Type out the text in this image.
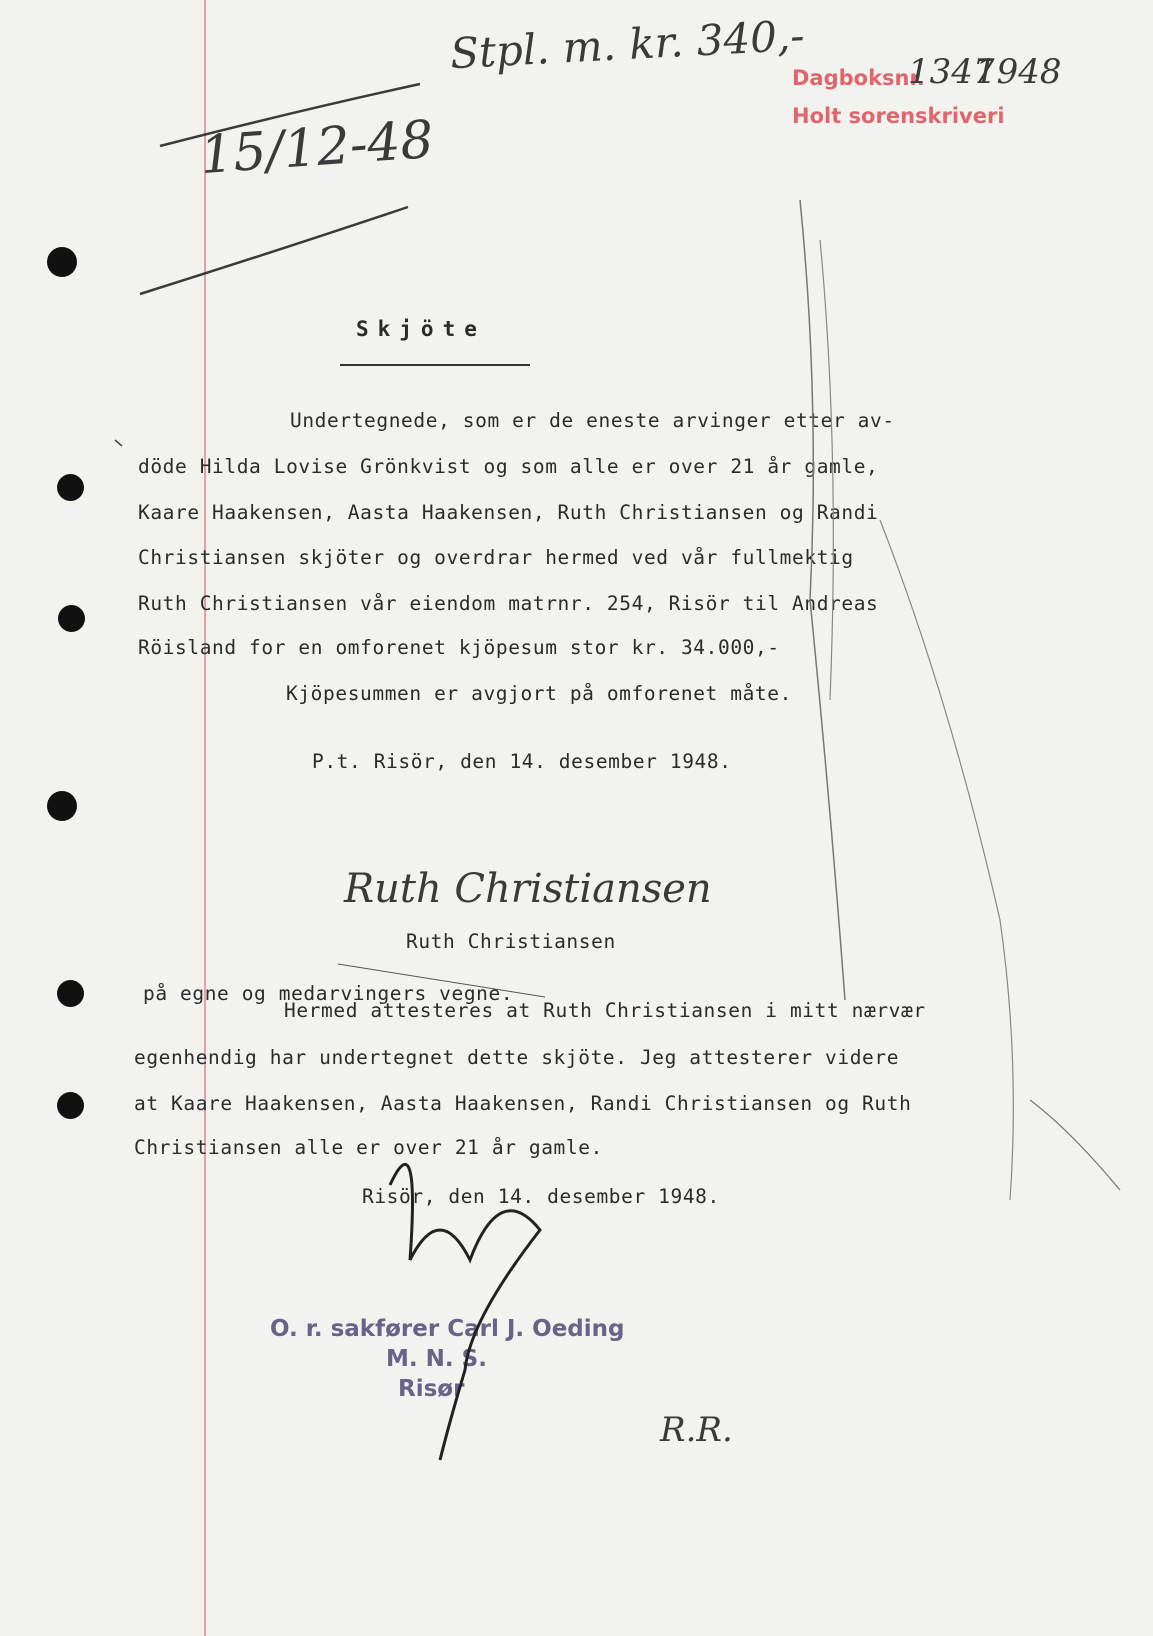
Dagboksnr.
Holt sorenskriveri
1347
1948
Stpl. m. kr. 340,-
15/12-48
Skjöte
Undertegnede, som er de eneste arvinger etter av-
döde Hilda Lovise Grönkvist og som alle er over 21 år gamle,
Kaare Haakensen, Aasta Haakensen, Ruth Christiansen og Randi
Christiansen skjöter og overdrar hermed ved vår fullmektig
Ruth Christiansen vår eiendom matrnr. 254, Risör til Andreas
Röisland for en omforenet kjöpesum stor kr. 34.000,-
Kjöpesummen er avgjort på omforenet måte.
P.t. Risör, den 14. desember 1948.
Ruth Christiansen
Ruth Christiansen
på egne og medarvingers vegne.
Hermed attesteres at Ruth Christiansen i mitt nærvær
egenhendig har undertegnet dette skjöte. Jeg attesterer videre
at Kaare Haakensen, Aasta Haakensen, Randi Christiansen og Ruth
Christiansen alle er over 21 år gamle.
Risör, den 14. desember 1948.
O. r. sakfører Carl J. Oeding
M. N. S.
Risør
R.R.
